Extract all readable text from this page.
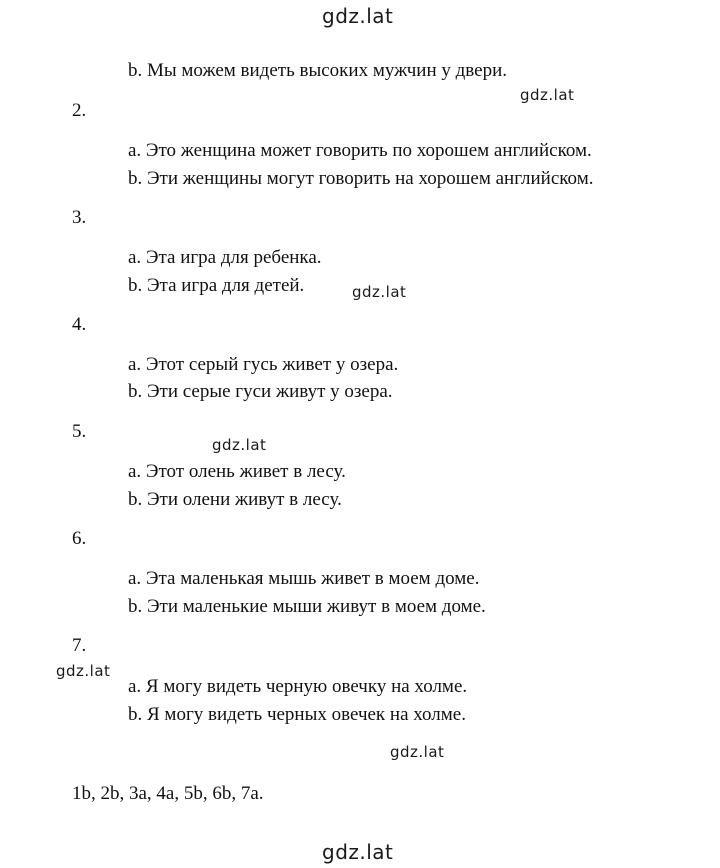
gdz.lat
gdz.lat
gdz.lat
gdz.lat
gdz.lat
gdz.lat
gdz.lat
b. Мы можем видеть высоких мужчин у двери.
2.
a. Это женщина может говорить по хорошем английском.
b. Эти женщины могут говорить на хорошем английском.
3.
a. Эта игра для ребенка.
b. Эта игра для детей.
4.
a. Этот серый гусь живет у озера.
b. Эти серые гуси живут у озера.
5.
a. Этот олень живет в лесу.
b. Эти олени живут в лесу.
6.
a. Эта маленькая мышь живет в моем доме.
b. Эти маленькие мыши живут в моем доме.
7.
a. Я могу видеть черную овечку на холме.
b. Я могу видеть черных овечек на холме.
1b, 2b, 3a, 4a, 5b, 6b, 7a.
